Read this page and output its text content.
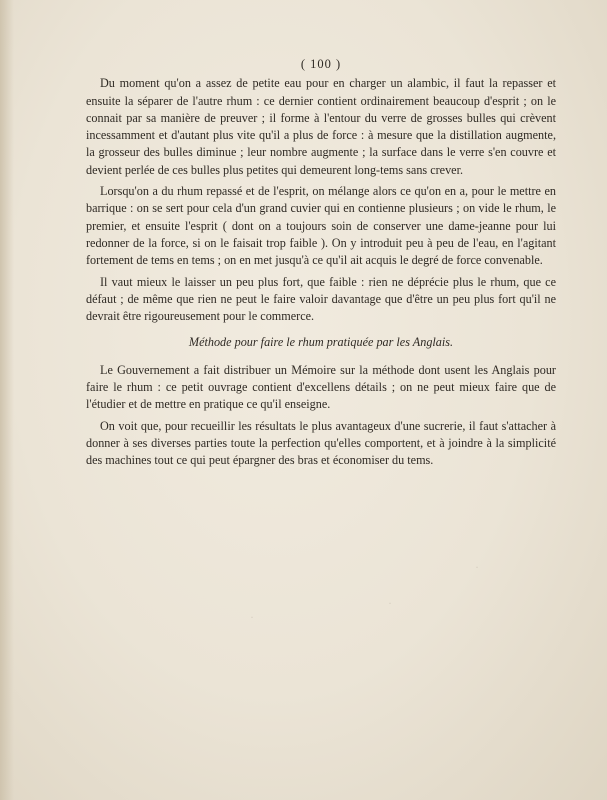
·
·
·

( 100 )

Du moment qu'on a assez de petite eau pour en charger un alambic, il faut la repasser et ensuite la séparer de l'autre rhum : ce dernier contient ordinairement beaucoup d'esprit ; on le connait par sa manière de preuver ; il forme à l'entour du verre de grosses bulles qui crèvent incessamment et d'autant plus vite qu'il a plus de force : à mesure que la distillation augmente, la grosseur des bulles diminue ; leur nombre augmente ; la surface dans le verre s'en couvre et devient perlée de ces bulles plus petites qui demeurent long-tems sans crever.

Lorsqu'on a du rhum repassé et de l'esprit, on mélange alors ce qu'on en a, pour le mettre en barrique : on se sert pour cela d'un grand cuvier qui en contienne plusieurs ; on vide le rhum, le premier, et ensuite l'esprit ( dont on a toujours soin de conserver une dame-jeanne pour lui redonner de la force, si on le faisait trop faible ). On y introduit peu à peu de l'eau, en l'agitant fortement de tems en tems ; on en met jusqu'à ce qu'il ait acquis le degré de force convenable.

Il vaut mieux le laisser un peu plus fort, que faible : rien ne déprécie plus le rhum, que ce défaut ; de même que rien ne peut le faire valoir davantage que d'être un peu plus fort qu'il ne devrait être rigoureusement pour le commerce.

Méthode pour faire le rhum pratiquée par les Anglais.

Le Gouvernement a fait distribuer un Mémoire sur la méthode dont usent les Anglais pour faire le rhum : ce petit ouvrage contient d'excellens détails ; on ne peut mieux faire que de l'étudier et de mettre en pratique ce qu'il enseigne.

On voit que, pour recueillir les résultats le plus avantageux d'une sucrerie, il faut s'attacher à donner à ses diverses parties toute la perfection qu'elles comportent, et à joindre à la simplicité des machines tout ce qui peut épargner des bras et économiser du tems.
